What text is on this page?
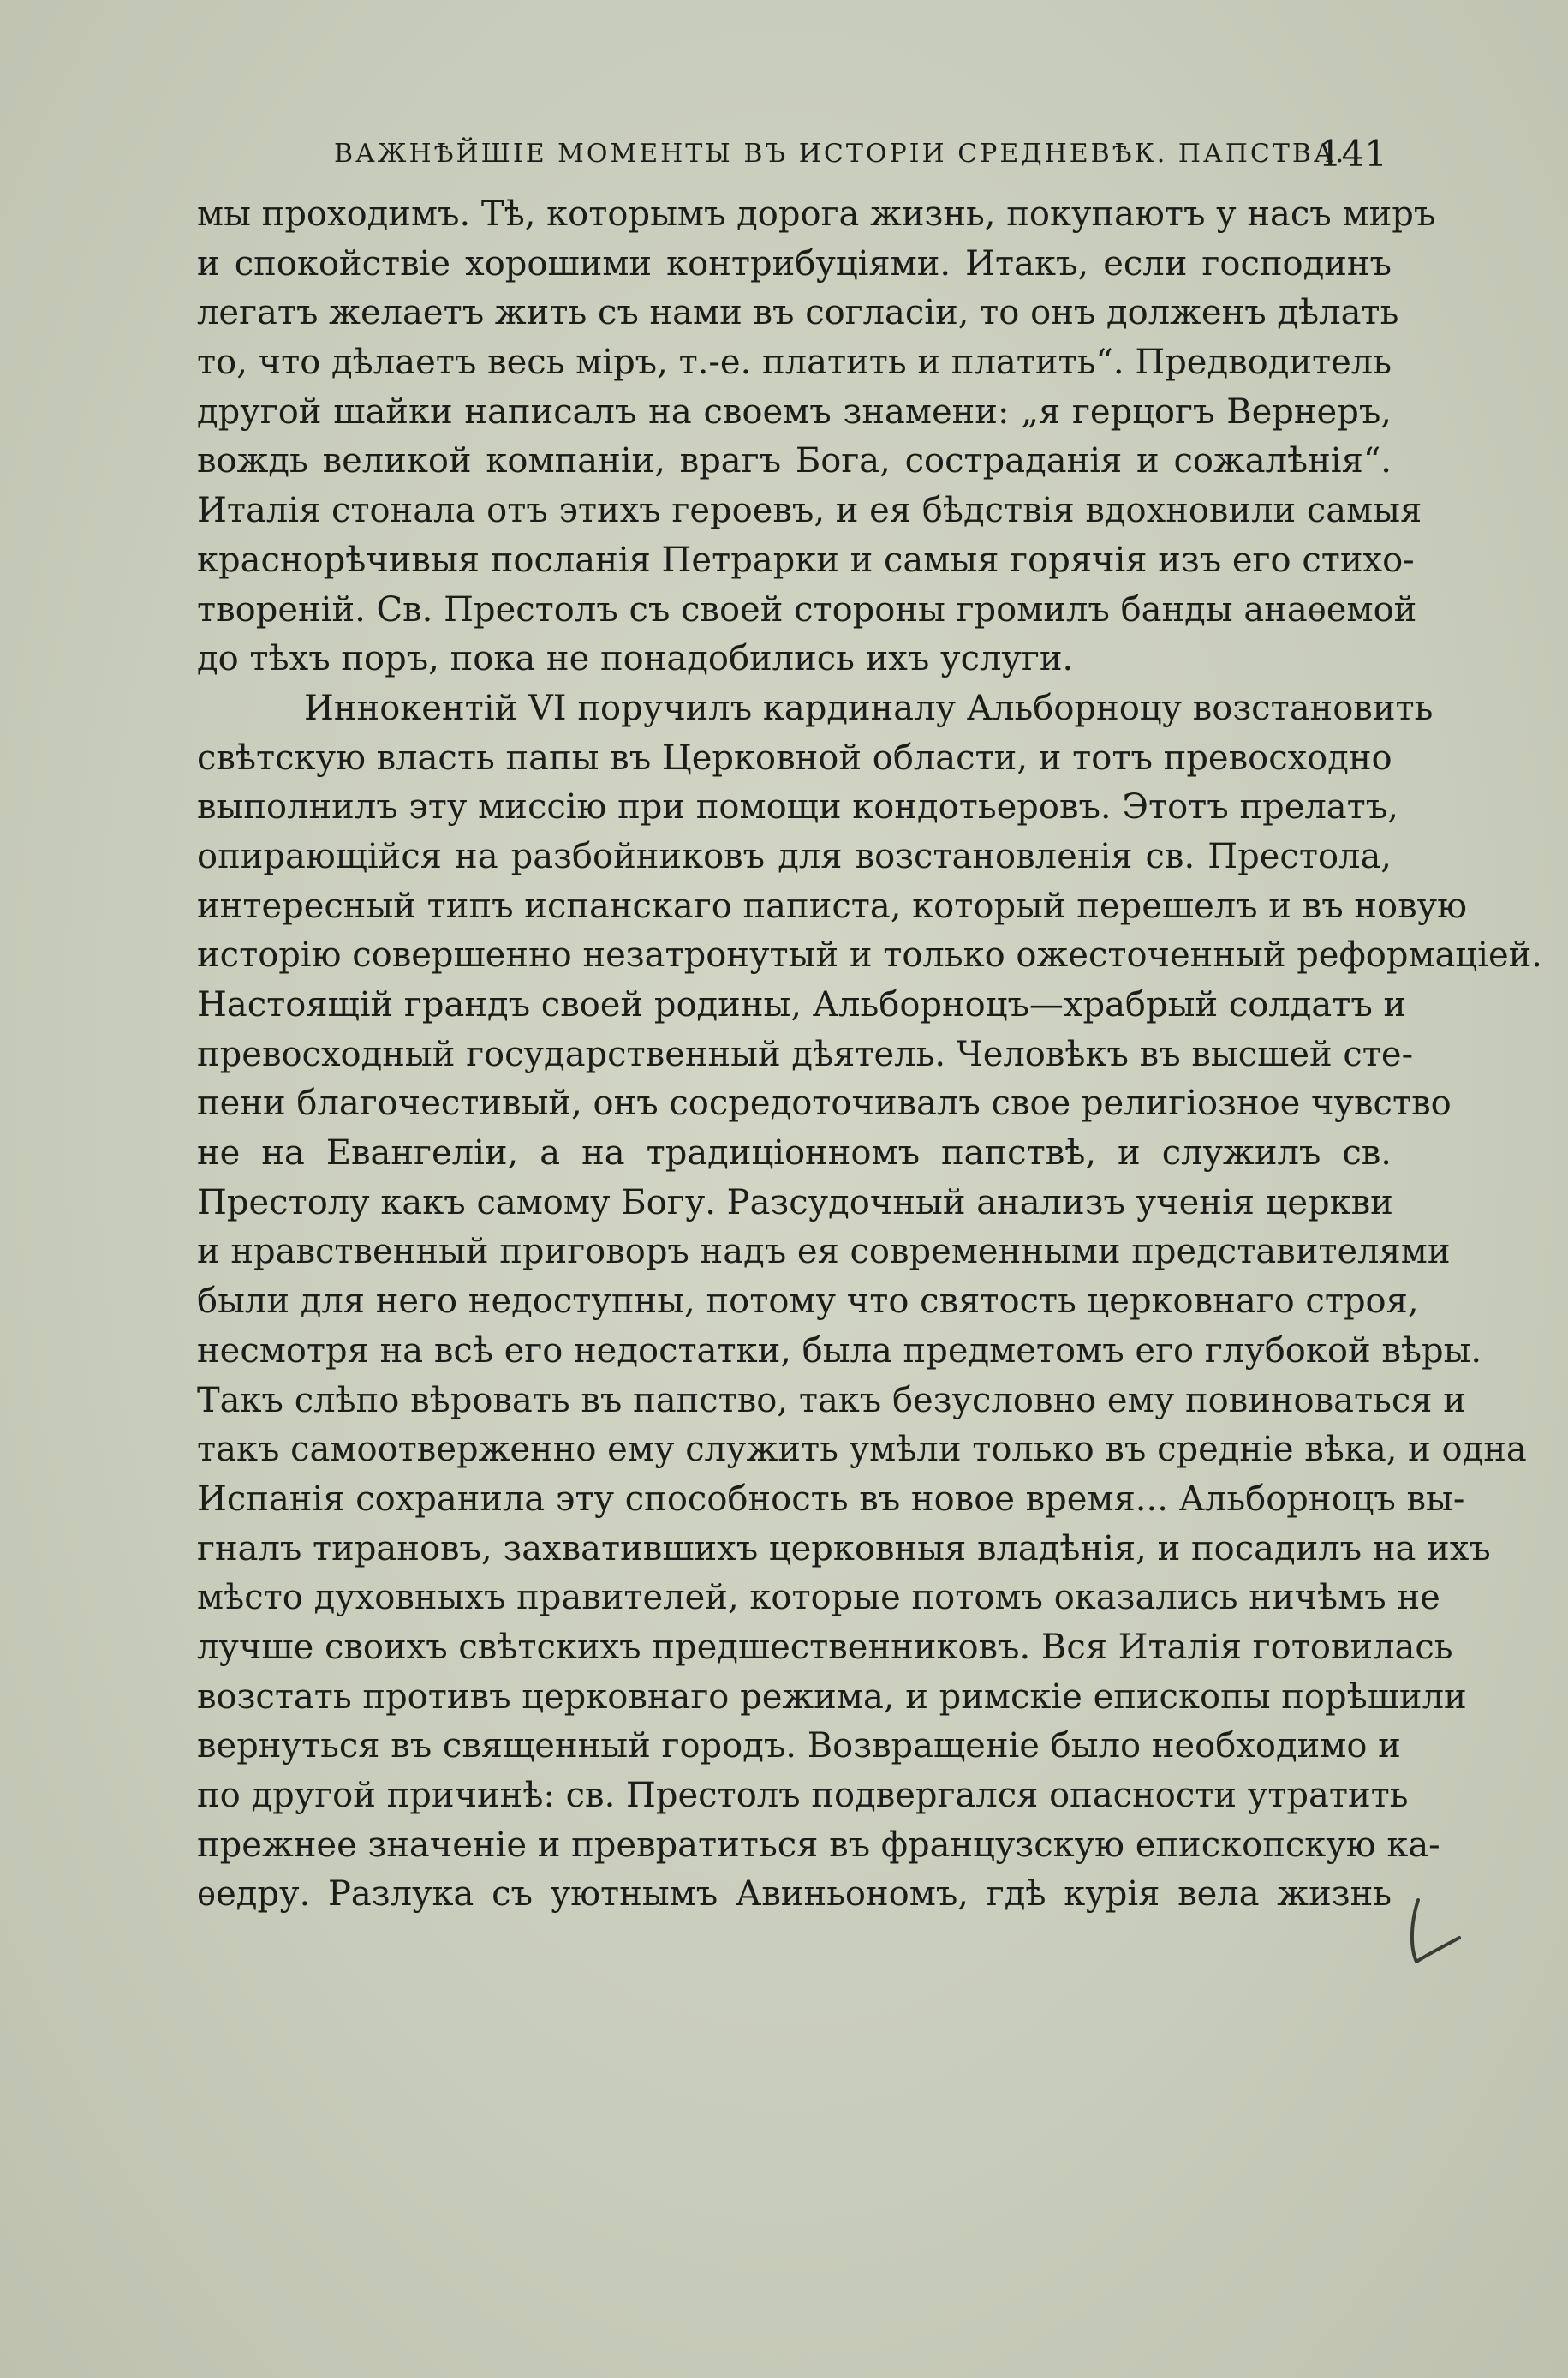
ВАЖНѢЙШІЕ МОМЕНТЫ ВЪ ИСТОРІИ СРЕДНЕВѢК. ПАПСТВА.
141
мы проходимъ. Тѣ, которымъ дорога жизнь, покупаютъ у насъ миръ
и спокойствіе хорошими контрибуціями. Итакъ, если господинъ
легатъ желаетъ жить съ нами въ согласіи, то онъ долженъ дѣлать
то, что дѣлаетъ весь міръ, т.-е. платить и платить“. Предводитель
другой шайки написалъ на своемъ знамени: „я герцогъ Вернеръ,
вождь великой компаніи, врагъ Бога, состраданія и сожалѣнія“.
Италія стонала отъ этихъ героевъ, и ея бѣдствія вдохновили самыя
краснорѣчивыя посланія Петрарки и самыя горячія изъ его стихо-
твореній. Св. Престолъ съ своей стороны громилъ банды анаѳемой
до тѣхъ поръ, пока не понадобились ихъ услуги.
Иннокентій VI поручилъ кардиналу Альборноцу возстановить
свѣтскую власть папы въ Церковной области, и тотъ превосходно
выполнилъ эту миссію при помощи кондотьеровъ. Этотъ прелатъ,
опирающійся на разбойниковъ для возстановленія св. Престола,
интересный типъ испанскаго паписта, который перешелъ и въ новую
исторію совершенно незатронутый и только ожесточенный реформаціей.
Настоящій грандъ своей родины, Альборноцъ—храбрый солдатъ и
превосходный государственный дѣятель. Человѣкъ въ высшей сте-
пени благочестивый, онъ сосредоточивалъ свое религіозное чувство
не на Евангеліи, а на традиціонномъ папствѣ, и служилъ св.
Престолу какъ самому Богу. Разсудочный анализъ ученія церкви
и нравственный приговоръ надъ ея современными представителями
были для него недоступны, потому что святость церковнаго строя,
несмотря на всѣ его недостатки, была предметомъ его глубокой вѣры.
Такъ слѣпо вѣровать въ папство, такъ безусловно ему повиноваться и
такъ самоотверженно ему служить умѣли только въ средніе вѣка, и одна
Испанія сохранила эту способность въ новое время... Альборноцъ вы-
гналъ тирановъ, захватившихъ церковныя владѣнія, и посадилъ на ихъ
мѣсто духовныхъ правителей, которые потомъ оказались ничѣмъ не
лучше своихъ свѣтскихъ предшественниковъ. Вся Италія готовилась
возстать противъ церковнаго режима, и римскіе епископы порѣшили
вернуться въ священный городъ. Возвращеніе было необходимо и
по другой причинѣ: св. Престолъ подвергался опасности утратить
прежнее значеніе и превратиться въ французскую епископскую ка-
ѳедру. Разлука съ уютнымъ Авиньономъ, гдѣ курія вела жизнь
